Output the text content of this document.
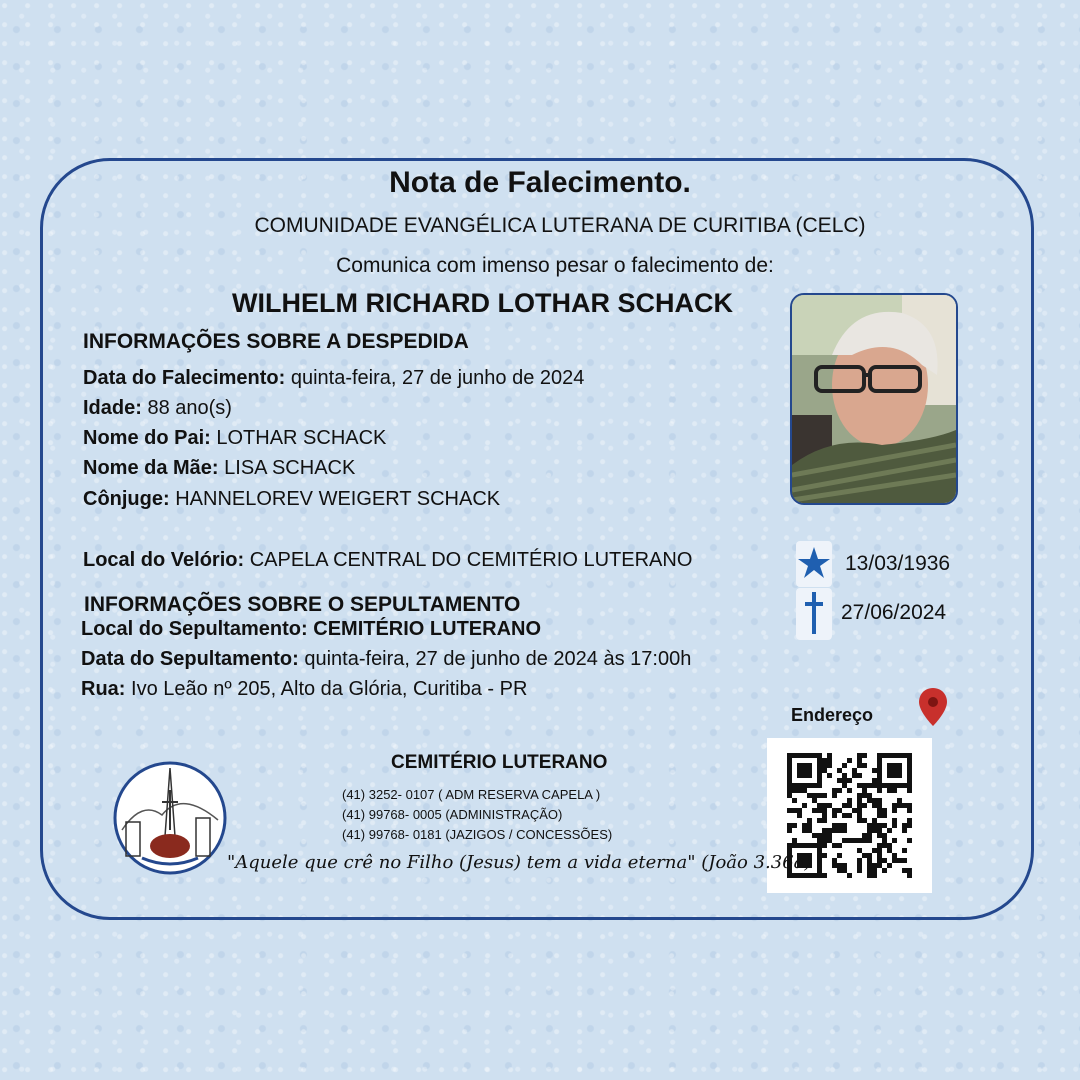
Nota de Falecimento.
COMUNIDADE EVANGÉLICA LUTERANA DE CURITIBA (CELC)
Comunica com imenso pesar o falecimento de:
WILHELM RICHARD LOTHAR SCHACK
INFORMAÇÕES SOBRE A DESPEDIDA
Data do Falecimento: quinta-feira, 27 de junho de 2024
Idade: 88 ano(s)
Nome do Pai: LOTHAR SCHACK
Nome da Mãe: LISA SCHACK
Cônjuge: HANNELOREV WEIGERT SCHACK
Local do Velório: CAPELA CENTRAL DO CEMITÉRIO LUTERANO
INFORMAÇÕES SOBRE O SEPULTAMENTO
Local do Sepultamento: CEMITÉRIO LUTERANO
Data do Sepultamento: quinta-feira, 27 de junho de 2024 às 17:00h
Rua: Ivo Leão nº 205, Alto da Glória, Curitiba - PR
13/03/1936
27/06/2024
Endereço
CEMITÉRIO LUTERANO
(41) 3252- 0107 ( ADM RESERVA CAPELA )
(41) 99768- 0005 (ADMINISTRAÇÃO)
(41) 99768- 0181 (JAZIGOS / CONCESSÕES)
"Aquele que crê no Filho (Jesus) tem a vida eterna" (João 3.36a)
